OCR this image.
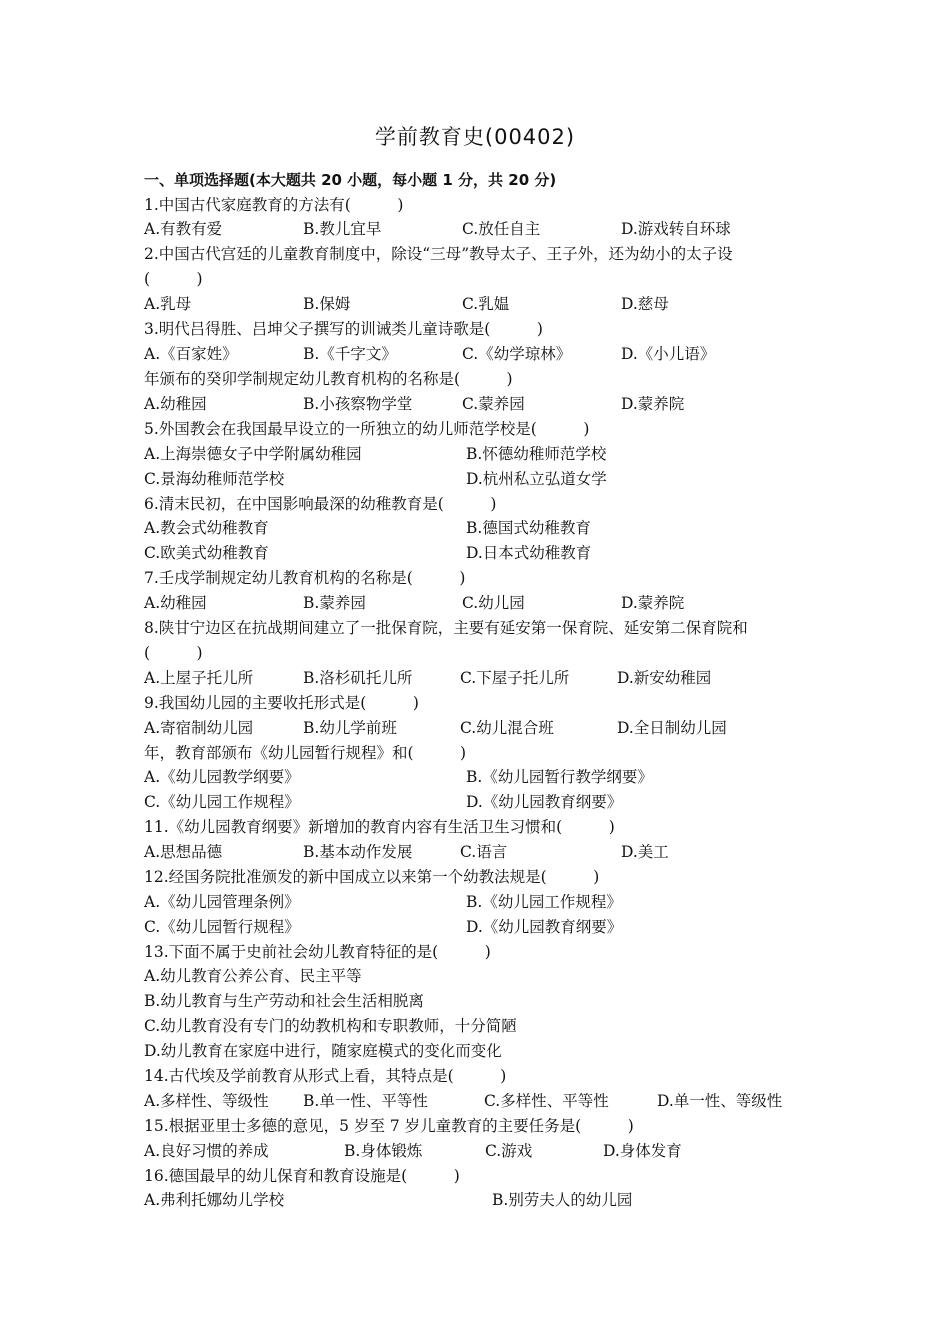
学前教育史(00402)
一、单项选择题(本大题共 20 小题，每小题 1 分，共 20 分)
1.中国古代家庭教育的方法有(　　　)
A.有教有爱	B.教儿宜早	C.放任自主	D.游戏转自环球
2.中国古代宫廷的儿童教育制度中，除设“三母”教导太子、王子外，还为幼小的太子设
(　　　)
A.乳母	B.保姆	C.乳媪	D.慈母
3.明代吕得胜、吕坤父子撰写的训诫类儿童诗歌是(　　　)
A.《百家姓》	B.《千字文》	C.《幼学琼林》	D.《小儿语》
年颁布的癸卯学制规定幼儿教育机构的名称是(　　　)
A.幼稚园	B.小孩察物学堂	C.蒙养园	D.蒙养院
5.外国教会在我国最早设立的一所独立的幼儿师范学校是(　　　)
A.上海崇德女子中学附属幼稚园	B.怀德幼稚师范学校
C.景海幼稚师范学校	D.杭州私立弘道女学
6.清末民初，在中国影响最深的幼稚教育是(　　　)
A.教会式幼稚教育	B.德国式幼稚教育
C.欧美式幼稚教育	D.日本式幼稚教育
7.壬戌学制规定幼儿教育机构的名称是(　　　)
A.幼稚园	B.蒙养园	C.幼儿园	D.蒙养院
8.陕甘宁边区在抗战期间建立了一批保育院，主要有延安第一保育院、延安第二保育院和
(　　　)
A.上屋子托儿所	B.洛杉矶托儿所	C.下屋子托儿所	D.新安幼稚园
9.我国幼儿园的主要收托形式是(　　　)
A.寄宿制幼儿园	B.幼儿学前班	C.幼儿混合班	D.全日制幼儿园
年，教育部颁布《幼儿园暂行规程》和(　　　)
A.《幼儿园教学纲要》	B.《幼儿园暂行教学纲要》
C.《幼儿园工作规程》	D.《幼儿园教育纲要》
11.《幼儿园教育纲要》新增加的教育内容有生活卫生习惯和(　　　)
A.思想品德	B.基本动作发展	C.语言	D.美工
12.经国务院批准颁发的新中国成立以来第一个幼教法规是(　　　)
A.《幼儿园管理条例》	B.《幼儿园工作规程》
C.《幼儿园暂行规程》	D.《幼儿园教育纲要》
13.下面不属于史前社会幼儿教育特征的是(　　　)
A.幼儿教育公养公育、民主平等
B.幼儿教育与生产劳动和社会生活相脱离
C.幼儿教育没有专门的幼教机构和专职教师，十分简陋
D.幼儿教育在家庭中进行，随家庭模式的变化而变化
14.古代埃及学前教育从形式上看，其特点是(　　　)
A.多样性、等级性 B.单一性、平等性	C.多样性、平等性	D.单一性、等级性
15.根据亚里士多德的意见，5 岁至 7 岁儿童教育的主要任务是(　　　)
A.良好习惯的养成	B.身体锻炼	C.游戏	D.身体发育
16.德国最早的幼儿保育和教育设施是(　　　)
A.弗利托娜幼儿学校	B.别劳夫人的幼儿园
